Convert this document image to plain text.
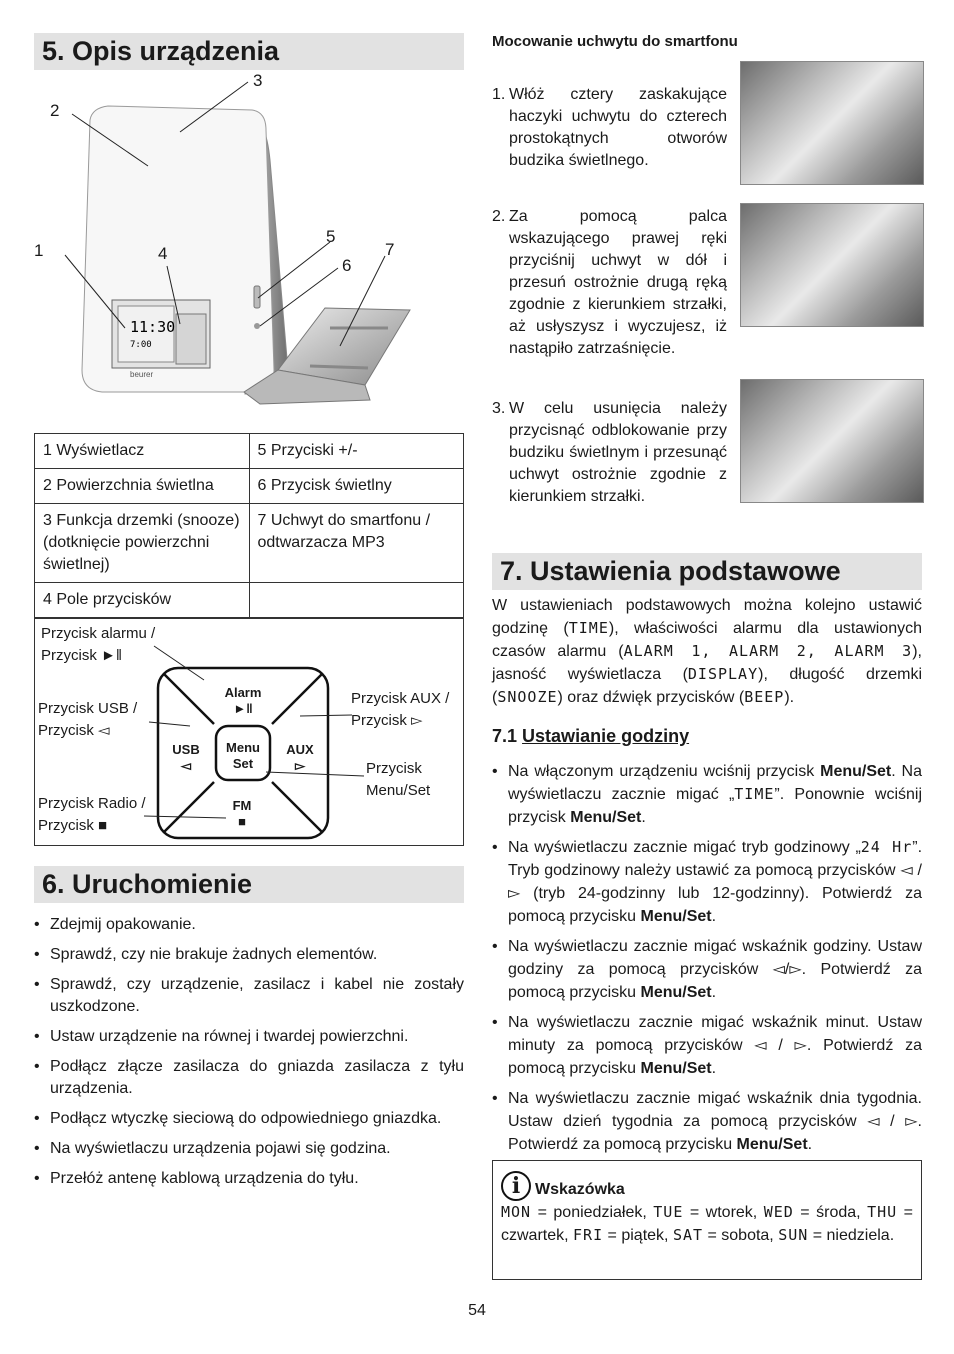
5. Opis urządzenia
11:30
7:00
beurer
1
2
3
4
5
6
7
1 Wyświetlacz	5 Przyciski +/-
2 Powierzchnia świetlna	6 Przycisk świetlny
3 Funkcja drzemki (snooze) (dotknięcie powierzchni świetlnej)	7 Uchwyt do smartfonu / odtwarzacza MP3
4 Pole przycisków	
Przycisk alarmu /
Przycisk ►‖
Przycisk USB /
Przycisk ◅
Przycisk Radio /
Przycisk ■
Przycisk AUX /
Przycisk ▻
Przycisk
Menu/Set
Alarm
►‖
USB
◅
AUX
▻
Menu
Set
FM
■
6. Uruchomienie
• Zdejmij opakowanie.
• Sprawdź, czy nie brakuje żadnych elementów.
• Sprawdź, czy urządzenie, zasilacz i kabel nie zostały uszkodzone.
• Ustaw urządzenie na równej i twardej powierzchni.
• Podłącz złącze zasilacza do gniazda zasilacza z tyłu urządzenia.
• Podłącz wtyczkę sieciową do odpowiedniego gniazdka.
• Na wyświetlaczu urządzenia pojawi się godzina.
• Przełóż antenę kablową urządzenia do tyłu.
Mocowanie uchwytu do smartfonu
1. Włóż cztery zaskakujące haczyki uchwytu do czterech prostokątnych otworów budzika świetlnego.
2. Za pomocą palca wskazującego prawej ręki przyciśnij uchwyt w dół i przesuń ostrożnie drugą ręką zgodnie z kierunkiem strzałki, aż usłyszysz i wyczujesz, iż nastąpiło zatrzaśnięcie.
3. W celu usunięcia należy przycisnąć odblokowanie przy budziku świetlnym i przesunąć uchwyt ostrożnie zgodnie z kierunkiem strzałki.
7. Ustawienia podstawowe
W ustawieniach podstawowych można kolejno ustawić godzinę (TIME), właściwości alarmu dla ustawionych czasów alarmu (ALARM 1, ALARM 2, ALARM 3), jasność wyświetlacza (DISPLAY), długość drzemki (SNOOZE) oraz dźwięk przycisków (BEEP).
7.1 Ustawianie godziny
• Na włączonym urządzeniu wciśnij przycisk Menu/Set. Na wyświetlaczu zacznie migać „TIME”. Ponownie wciśnij przycisk Menu/Set.
• Na wyświetlaczu zacznie migać tryb godzinowy „24 Hr”. Tryb godzinowy należy ustawić za pomocą przycisków ◅ / ▻ (tryb 24-godzinny lub 12-godzinny). Potwierdź za pomocą przycisku Menu/Set.
• Na wyświetlaczu zacznie migać wskaźnik godziny. Ustaw godziny za pomocą przycisków ◅/▻. Potwierdź za pomocą przycisku Menu/Set.
• Na wyświetlaczu zacznie migać wskaźnik minut. Ustaw minuty za pomocą przycisków ◅ / ▻. Potwierdź za pomocą przycisku Menu/Set.
• Na wyświetlaczu zacznie migać wskaźnik dnia tygodnia. Ustaw dzień tygodnia za pomocą przycisków ◅ / ▻. Potwierdź za pomocą przycisku Menu/Set.
i Wskazówka
MON = poniedziałek, TUE = wtorek, WED = środa, THU = czwartek, FRI = piątek, SAT = sobota, SUN = niedziela.
54
